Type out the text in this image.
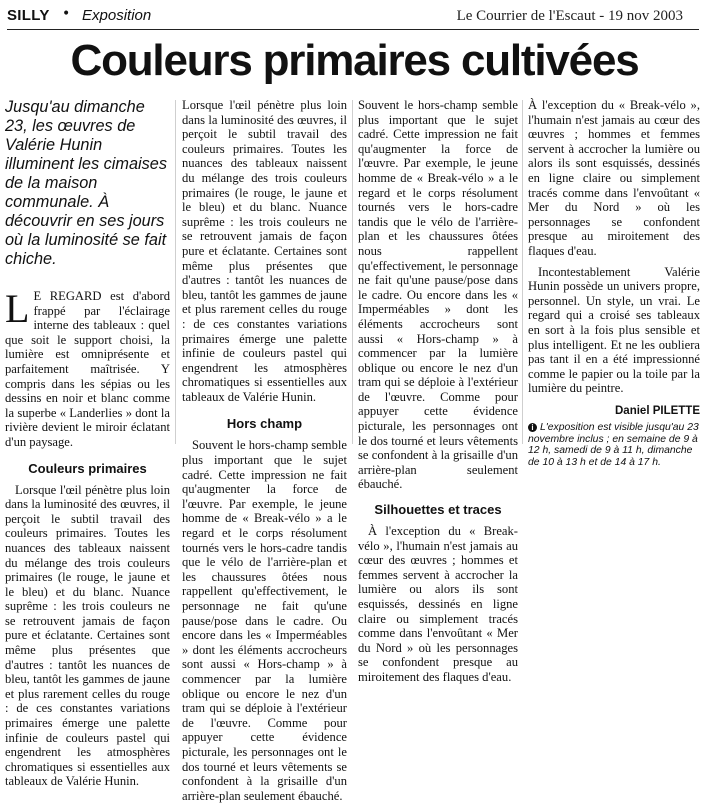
SILLY • Exposition	Le Courrier de l'Escaut - 19 nov 2003
Couleurs primaires cultivées

Jusqu'au dimanche 23, les œuvres de Valérie Hunin illuminent les cimaises de la maison communale. À découvrir en ses jours où la luminosité se fait chiche.

L E REGARD est d'abord frappé par l'éclairage interne des tableaux : quel que soit le support choisi, la lumière est omniprésente et parfaitement maîtrisée. Y compris dans les sépias ou les dessins en noir et blanc comme la superbe « Landerlies » dont la rivière devient le miroir éclatant d'un paysage.

Couleurs primaires

Lorsque l'œil pénètre plus loin dans la luminosité des œuvres, il perçoit le subtil travail des couleurs primaires. Toutes les nuances des tableaux naissent du mélange des trois couleurs primaires (le rouge, le jaune et le bleu) et du blanc. Nuance suprême : les trois couleurs ne se retrouvent jamais de façon pure et éclatante. Certaines sont même plus présentes que d'autres : tantôt les nuances de bleu, tantôt les gammes de jaune et plus rarement celles du rouge : de ces constantes variations primaires émerge une palette infinie de couleurs pastel qui engendrent les atmosphères chromatiques si essentielles aux tableaux de Valérie Hunin.

Lorsque l'œil pénètre plus loin dans la luminosité des œuvres, il perçoit le subtil travail des couleurs primaires. Toutes les nuances des tableaux naissent du mélange des trois couleurs primaires (le rouge, le jaune et le bleu) et du blanc. Nuance suprême : les trois couleurs ne se retrouvent jamais de façon pure et éclatante. Certaines sont même plus présentes que d'autres : tantôt les nuances de bleu, tantôt les gammes de jaune et plus rarement celles du rouge : de ces constantes variations primaires émerge une palette infinie de couleurs pastel qui engendrent les atmosphères chromatiques si essentielles aux tableaux de Valérie Hunin.

Hors champ

Souvent le hors-champ semble plus important que le sujet cadré. Cette impression ne fait qu'augmenter la force de l'œuvre. Par exemple, le jeune homme de « Break-vélo » a le regard et le corps résolument tournés vers le hors-cadre tandis que le vélo de l'arrière-plan et les chaussures ôtées nous rappellent qu'effectivement, le personnage ne fait qu'une pause/pose dans le cadre. Ou encore dans les « Imperméables » dont les éléments accrocheurs sont aussi « Hors-champ » à commencer par la lumière oblique ou encore le nez d'un tram qui se déploie à l'extérieur de l'œuvre. Comme pour appuyer cette évidence picturale, les personnages ont le dos tourné et leurs vêtements se confondent à la grisaille d'un arrière-plan seulement ébauché.

Souvent le hors-champ semble plus important que le sujet cadré. Cette impression ne fait qu'augmenter la force de l'œuvre. Par exemple, le jeune homme de « Break-vélo » a le regard et le corps résolument tournés vers le hors-cadre tandis que le vélo de l'arrière-plan et les chaussures ôtées nous rappellent qu'effectivement, le personnage ne fait qu'une pause/pose dans le cadre. Ou encore dans les « Imperméables » dont les éléments accrocheurs sont aussi « Hors-champ » à commencer par la lumière oblique ou encore le nez d'un tram qui se déploie à l'extérieur de l'œuvre. Comme pour appuyer cette évidence picturale, les personnages ont le dos tourné et leurs vêtements se confondent à la grisaille d'un arrière-plan seulement ébauché.

Silhouettes et traces

À l'exception du « Break-vélo », l'humain n'est jamais au cœur des œuvres ; hommes et femmes servent à accrocher la lumière ou alors ils sont esquissés, dessinés en ligne claire ou simplement tracés comme dans l'envoûtant « Mer du Nord » où les personnages se confondent presque au miroitement des flaques d'eau.

À l'exception du « Break-vélo », l'humain n'est jamais au cœur des œuvres ; hommes et femmes servent à accrocher la lumière ou alors ils sont esquissés, dessinés en ligne claire ou simplement tracés comme dans l'envoûtant « Mer du Nord » où les personnages se confondent presque au miroitement des flaques d'eau.

Incontestablement Valérie Hunin possède un univers propre, personnel. Un style, un vrai. Le regard qui a croisé ses tableaux en sort à la fois plus sensible et plus intelligent. Et ne les oubliera pas tant il en a été impressionné comme le papier ou la toile par la lumière du peintre.

Daniel PILETTE

i L'exposition est visible jusqu'au 23 novembre inclus ; en semaine de 9 à 12 h, samedi de 9 à 11 h, dimanche de 10 à 13 h et de 14 à 17 h.
